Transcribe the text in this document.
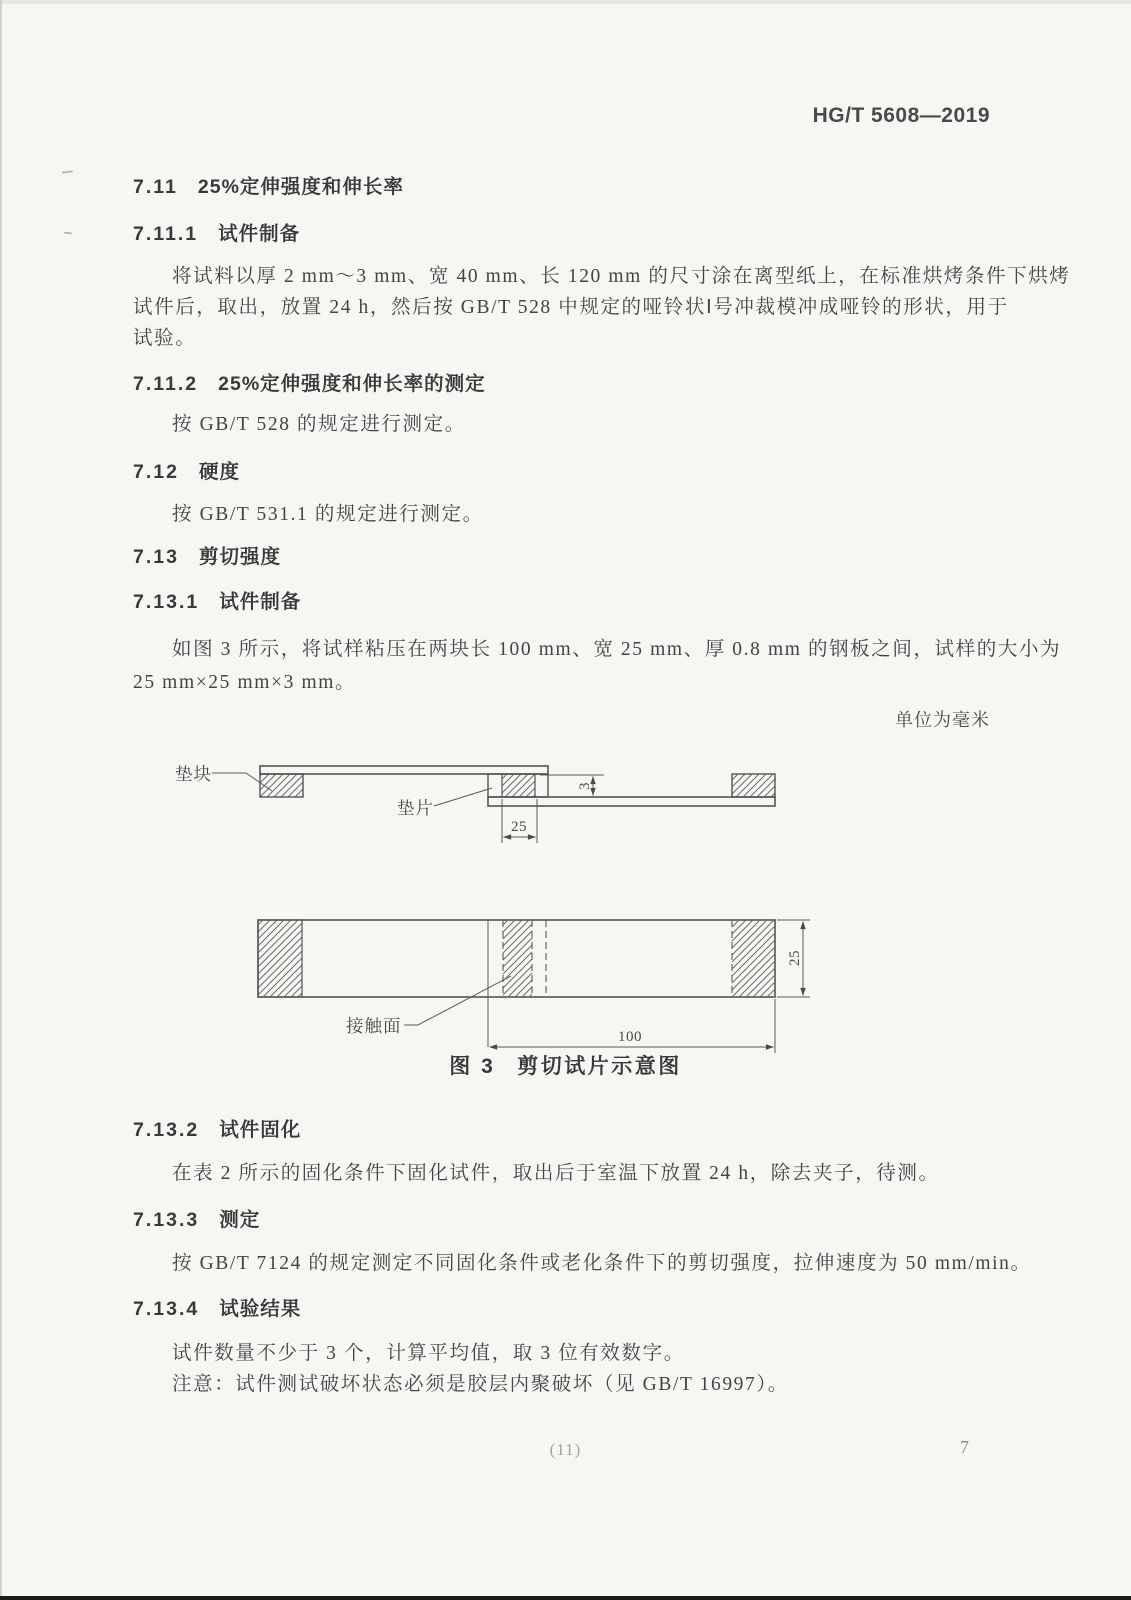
HG/T 5608—2019
7.11 25%定伸强度和伸长率
7.11.1 试件制备
将试料以厚 2 mm～3 mm、宽 40 mm、长 120 mm 的尺寸涂在离型纸上，在标准烘烤条件下烘烤
试件后，取出，放置 24 h，然后按 GB/T 528 中规定的哑铃状Ⅰ号冲裁模冲成哑铃的形状，用于
试验。
7.11.2 25%定伸强度和伸长率的测定
按 GB/T 528 的规定进行测定。
7.12 硬度
按 GB/T 531.1 的规定进行测定。
7.13 剪切强度
7.13.1 试件制备
如图 3 所示，将试样粘压在两块长 100 mm、宽 25 mm、厚 0.8 mm 的钢板之间，试样的大小为
25 mm×25 mm×3 mm。
单位为毫米
3
25
垫块
垫片
25
100
接触面
图 3 剪切试片示意图
7.13.2 试件固化
在表 2 所示的固化条件下固化试件，取出后于室温下放置 24 h，除去夹子，待测。
7.13.3 测定
按 GB/T 7124 的规定测定不同固化条件或老化条件下的剪切强度，拉伸速度为 50 mm/min。
7.13.4 试验结果
试件数量不少于 3 个，计算平均值，取 3 位有效数字。
注意：试件测试破坏状态必须是胶层内聚破坏（见 GB/T 16997）。
(11)	7
